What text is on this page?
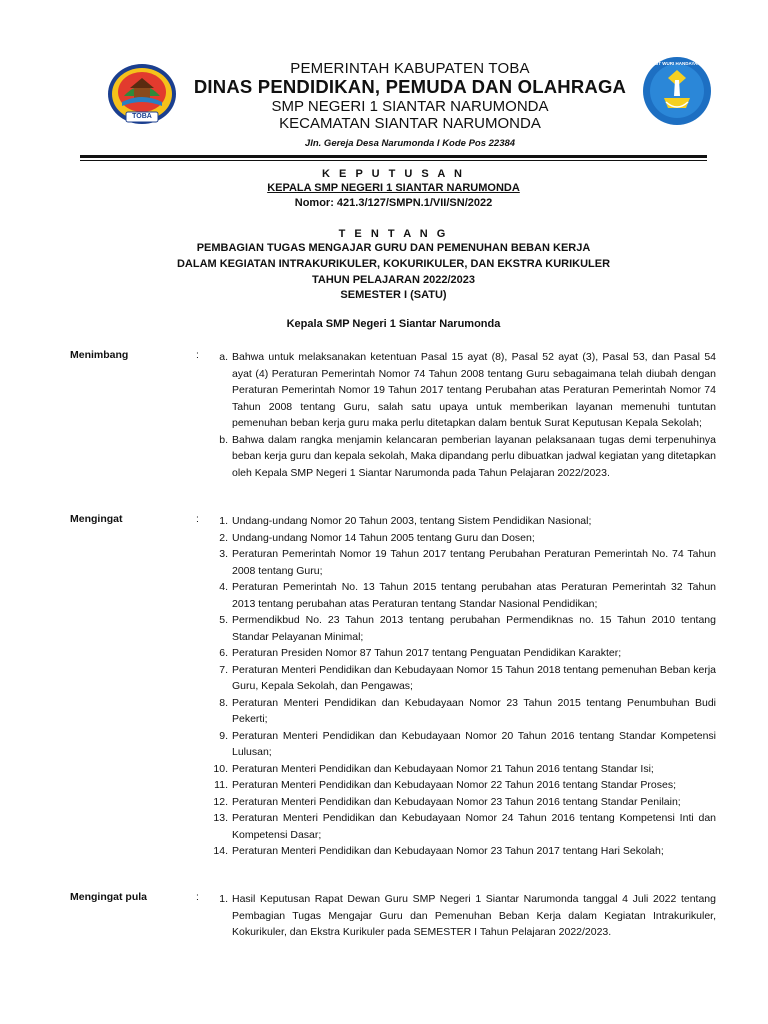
TOBA
PEMERINTAH KABUPATEN TOBA
DINAS PENDIDIKAN, PEMUDA DAN OLAHRAGA
SMP NEGERI 1 SIANTAR NARUMONDA
KECAMATAN SIANTAR NARUMONDA
Jln. Gereja Desa Narumonda I Kode Pos 22384
TUT WURI HANDAYANI
K E P U T U S A N
KEPALA SMP NEGERI 1 SIANTAR NARUMONDA
Nomor: 421.3/127/SMPN.1/VII/SN/2022
T E N T A N G
PEMBAGIAN TUGAS MENGAJAR GURU DAN PEMENUHAN BEBAN KERJA
DALAM KEGIATAN INTRAKURIKULER, KOKURIKULER, DAN EKSTRA KURIKULER
TAHUN PELAJARAN 2022/2023
SEMESTER I (SATU)
Kepala SMP Negeri 1 Siantar Narumonda
Menimbang	:	a. Bahwa untuk melaksanakan ketentuan Pasal 15 ayat (8), Pasal 52 ayat (3), Pasal 53, dan Pasal 54 ayat (4) Peraturan Pemerintah Nomor 74 Tahun 2008 tentang Guru sebagaimana telah diubah dengan Peraturan Pemerintah Nomor 19 Tahun 2017 tentang Perubahan atas Peraturan Pemerintah Nomor 74 Tahun 2008 tentang Guru, salah satu upaya untuk memberikan layanan memenuhi tuntutan pemenuhan beban kerja guru maka perlu ditetapkan dalam bentuk Surat Keputusan Kepala Sekolah;
b. Bahwa dalam rangka menjamin kelancaran pemberian layanan pelaksanaan tugas demi terpenuhinya beban kerja guru dan kepala sekolah, Maka dipandang perlu dibuatkan jadwal kegiatan yang ditetapkan oleh Kepala SMP Negeri 1 Siantar Narumonda pada Tahun Pelajaran 2022/2023.
Mengingat	:	1. Undang-undang Nomor 20 Tahun 2003, tentang Sistem Pendidikan Nasional;
2. Undang-undang Nomor 14 Tahun 2005 tentang Guru dan Dosen;
3. Peraturan Pemerintah Nomor 19 Tahun 2017 tentang Perubahan Peraturan Pemerintah No. 74 Tahun 2008 tentang Guru;
4. Peraturan Pemerintah No. 13 Tahun 2015 tentang perubahan atas Peraturan Pemerintah 32 Tahun 2013 tentang perubahan atas Peraturan tentang Standar Nasional Pendidikan;
5. Permendikbud No. 23 Tahun 2013 tentang perubahan Permendiknas no. 15 Tahun 2010 tentang Standar Pelayanan Minimal;
6. Peraturan Presiden Nomor 87 Tahun 2017 tentang Penguatan Pendidikan Karakter;
7. Peraturan Menteri Pendidikan dan Kebudayaan Nomor 15 Tahun 2018 tentang pemenuhan Beban kerja Guru, Kepala Sekolah, dan Pengawas;
8. Peraturan Menteri Pendidikan dan Kebudayaan Nomor 23 Tahun 2015 tentang Penumbuhan Budi Pekerti;
9. Peraturan Menteri Pendidikan dan Kebudayaan Nomor 20 Tahun 2016 tentang Standar Kompetensi Lulusan;
10. Peraturan Menteri Pendidikan dan Kebudayaan Nomor 21 Tahun 2016 tentang Standar Isi;
11. Peraturan Menteri Pendidikan dan Kebudayaan Nomor 22 Tahun 2016 tentang Standar Proses;
12. Peraturan Menteri Pendidikan dan Kebudayaan Nomor 23 Tahun 2016 tentang Standar Penilain;
13. Peraturan Menteri Pendidikan dan Kebudayaan Nomor 24 Tahun 2016 tentang Kompetensi Inti dan Kompetensi Dasar;
14. Peraturan Menteri Pendidikan dan Kebudayaan Nomor 23 Tahun 2017 tentang Hari Sekolah;
Mengingat pula	:	1. Hasil Keputusan Rapat Dewan Guru SMP Negeri 1 Siantar Narumonda tanggal 4 Juli 2022 tentang Pembagian Tugas Mengajar Guru dan Pemenuhan Beban Kerja dalam Kegiatan Intrakurikuler, Kokurikuler, dan Ekstra Kurikuler pada SEMESTER I Tahun Pelajaran 2022/2023.
